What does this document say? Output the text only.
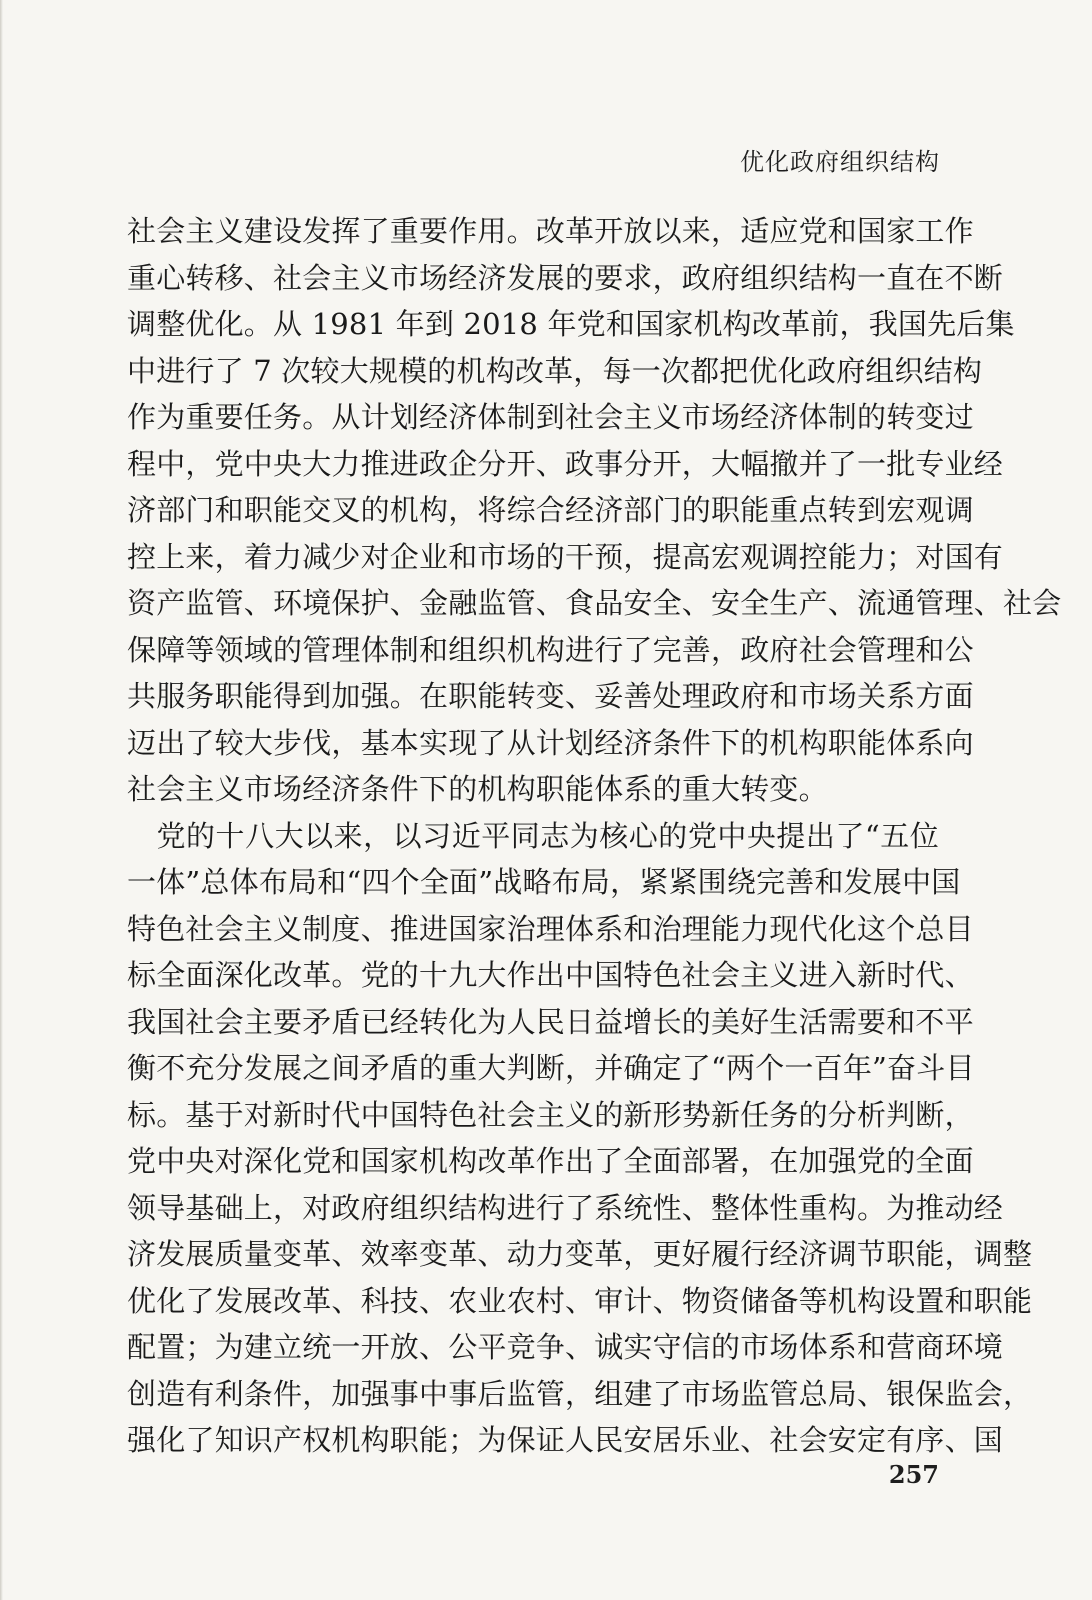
优化政府组织结构
社会主义建设发挥了重要作用。改革开放以来，适应党和国家工作
重心转移、社会主义市场经济发展的要求，政府组织结构一直在不断
调整优化。从 1981 年到 2018 年党和国家机构改革前，我国先后集
中进行了 7 次较大规模的机构改革，每一次都把优化政府组织结构
作为重要任务。从计划经济体制到社会主义市场经济体制的转变过
程中，党中央大力推进政企分开、政事分开，大幅撤并了一批专业经
济部门和职能交叉的机构，将综合经济部门的职能重点转到宏观调
控上来，着力减少对企业和市场的干预，提高宏观调控能力；对国有
资产监管、环境保护、金融监管、食品安全、安全生产、流通管理、社会
保障等领域的管理体制和组织机构进行了完善，政府社会管理和公
共服务职能得到加强。在职能转变、妥善处理政府和市场关系方面
迈出了较大步伐，基本实现了从计划经济条件下的机构职能体系向
社会主义市场经济条件下的机构职能体系的重大转变。
　党的十八大以来，以习近平同志为核心的党中央提出了“五位
一体”总体布局和“四个全面”战略布局，紧紧围绕完善和发展中国
特色社会主义制度、推进国家治理体系和治理能力现代化这个总目
标全面深化改革。党的十九大作出中国特色社会主义进入新时代、
我国社会主要矛盾已经转化为人民日益增长的美好生活需要和不平
衡不充分发展之间矛盾的重大判断，并确定了“两个一百年”奋斗目
标。基于对新时代中国特色社会主义的新形势新任务的分析判断，
党中央对深化党和国家机构改革作出了全面部署，在加强党的全面
领导基础上，对政府组织结构进行了系统性、整体性重构。为推动经
济发展质量变革、效率变革、动力变革，更好履行经济调节职能，调整
优化了发展改革、科技、农业农村、审计、物资储备等机构设置和职能
配置；为建立统一开放、公平竞争、诚实守信的市场体系和营商环境
创造有利条件，加强事中事后监管，组建了市场监管总局、银保监会，
强化了知识产权机构职能；为保证人民安居乐业、社会安定有序、国
257
